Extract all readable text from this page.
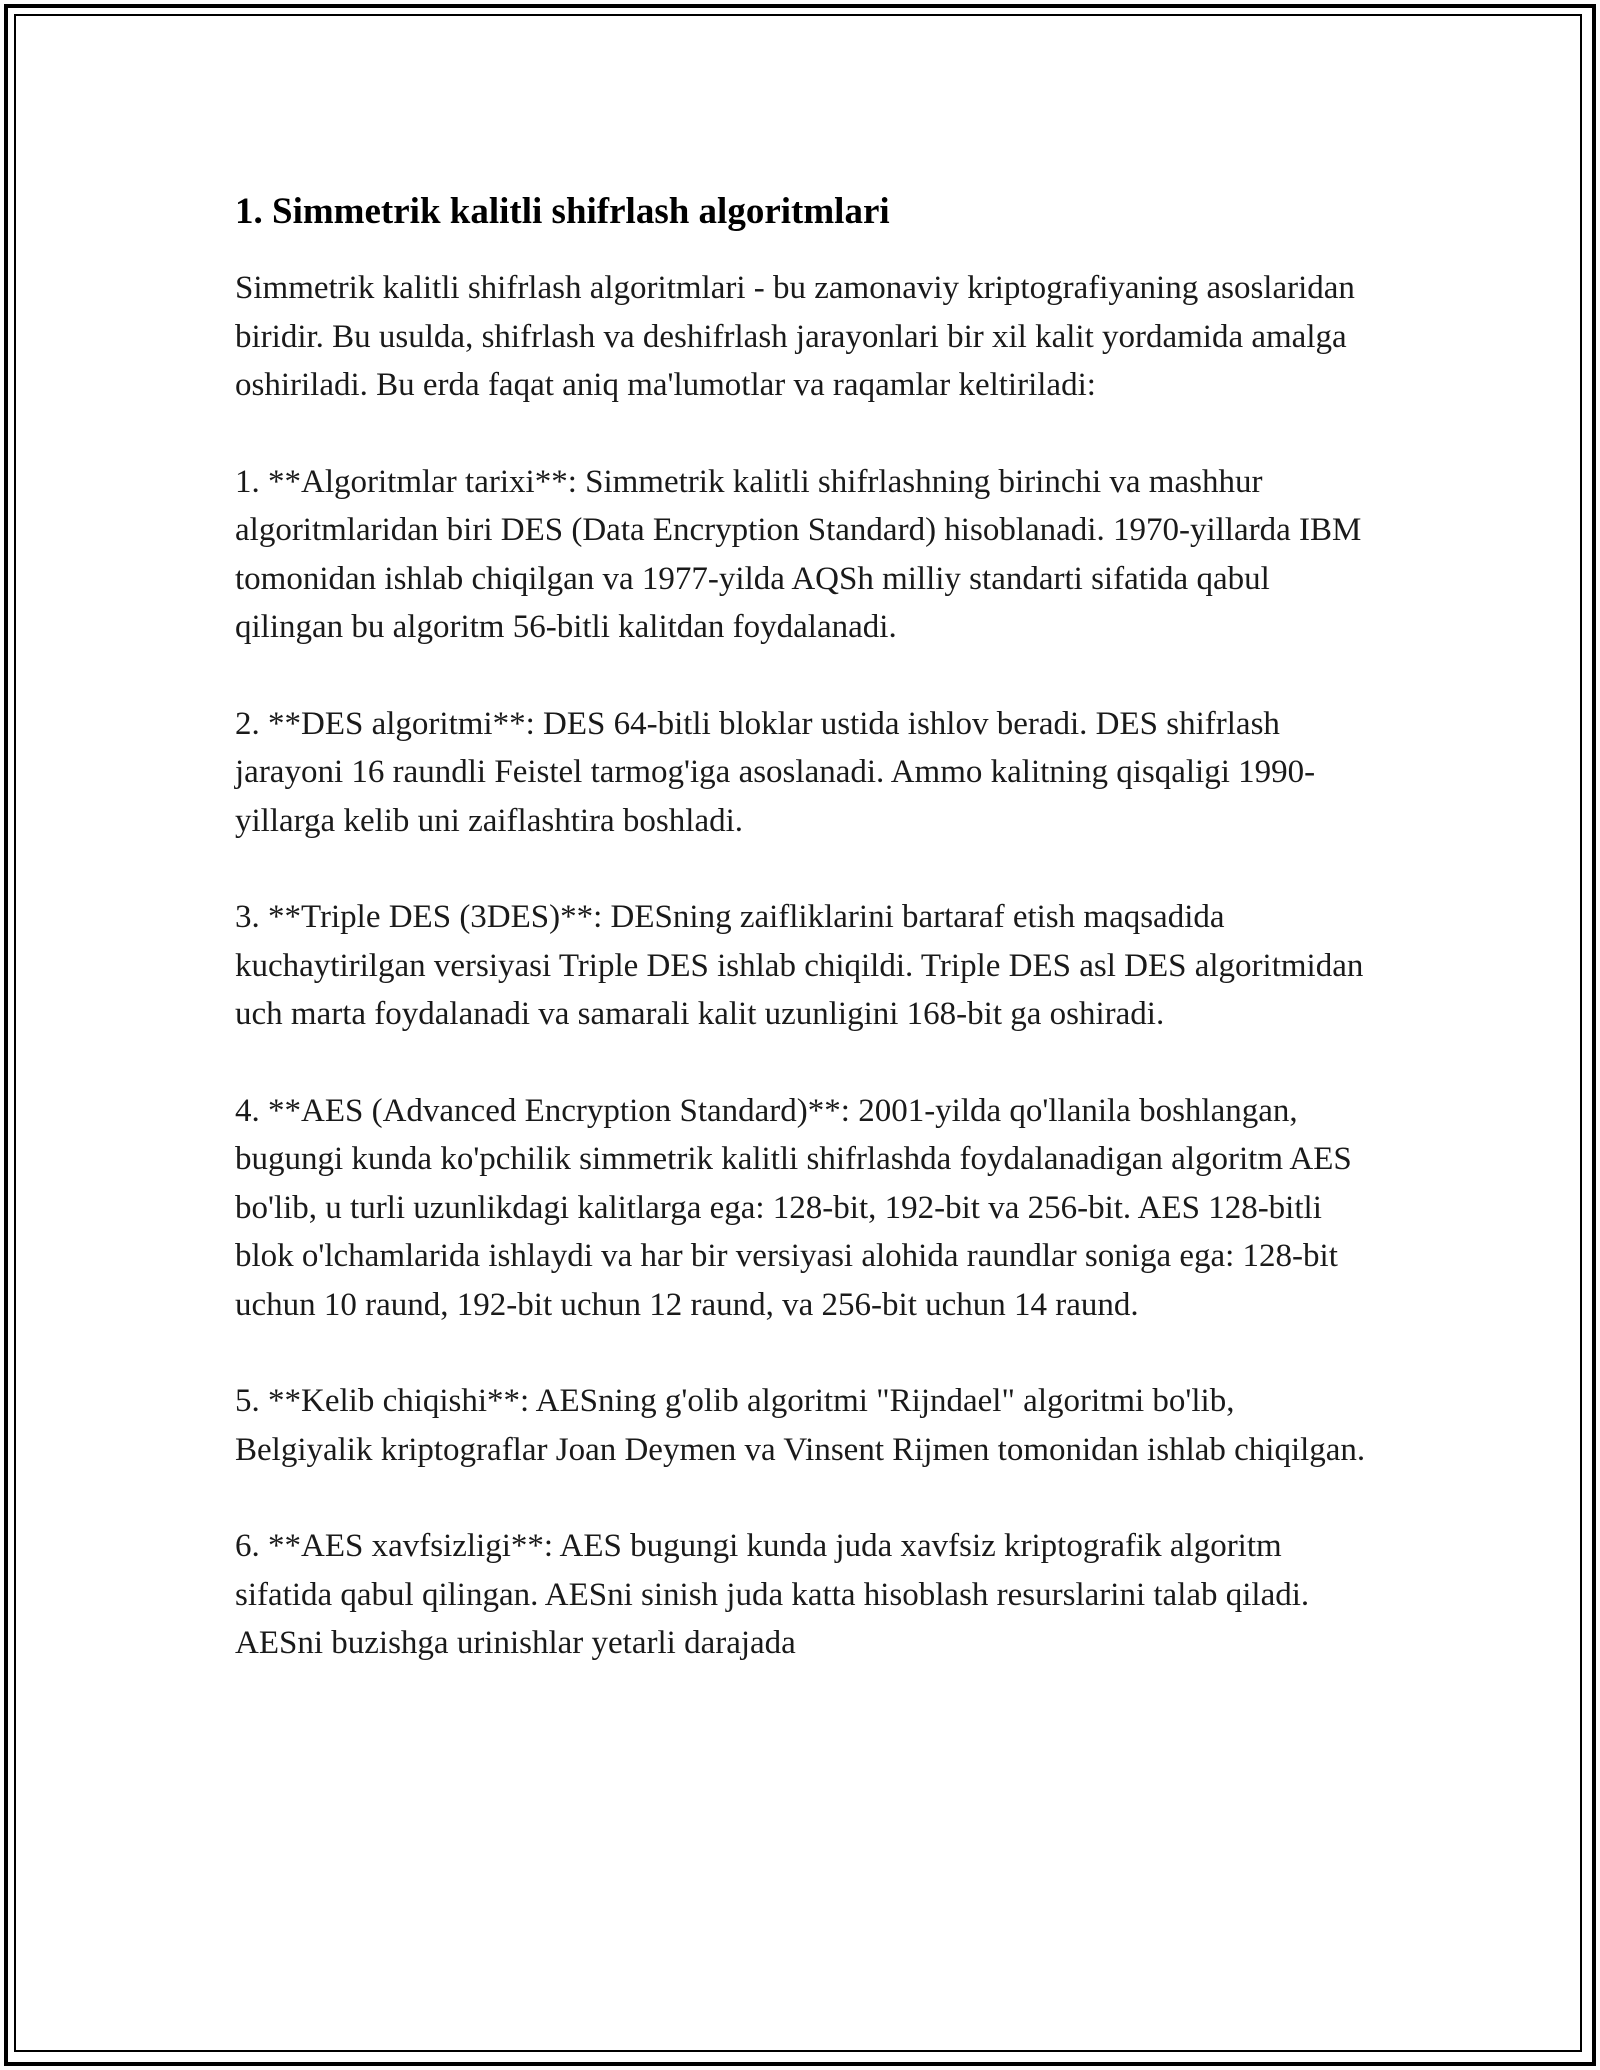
1. Simmetrik kalitli shifrlash algoritmlari

Simmetrik kalitli shifrlash algoritmlari - bu zamonaviy kriptografiyaning asoslaridan biridir. Bu usulda, shifrlash va deshifrlash jarayonlari bir xil kalit yordamida amalga oshiriladi. Bu erda faqat aniq ma'lumotlar va raqamlar keltiriladi:

1. **Algoritmlar tarixi**: Simmetrik kalitli shifrlashning birinchi va mashhur algoritmlaridan biri DES (Data Encryption Standard) hisoblanadi. 1970-yillarda IBM tomonidan ishlab chiqilgan va 1977-yilda AQSh milliy standarti sifatida qabul qilingan bu algoritm 56-bitli kalitdan foydalanadi.

2. **DES algoritmi**: DES 64-bitli bloklar ustida ishlov beradi. DES shifrlash jarayoni 16 raundli Feistel tarmog'iga asoslanadi. Ammo kalitning qisqaligi 1990-yillarga kelib uni zaiflashtira boshladi.

3. **Triple DES (3DES)**: DESning zaifliklarini bartaraf etish maqsadida kuchaytirilgan versiyasi Triple DES ishlab chiqildi. Triple DES asl DES algoritmidan uch marta foydalanadi va samarali kalit uzunligini 168-bit ga oshiradi.

4. **AES (Advanced Encryption Standard)**: 2001-yilda qo'llanila boshlangan, bugungi kunda ko'pchilik simmetrik kalitli shifrlashda foydalanadigan algoritm AES bo'lib, u turli uzunlikdagi kalitlarga ega: 128-bit, 192-bit va 256-bit. AES 128-bitli blok o'lchamlarida ishlaydi va har bir versiyasi alohida raundlar soniga ega: 128-bit uchun 10 raund, 192-bit uchun 12 raund, va 256-bit uchun 14 raund.

5. **Kelib chiqishi**: AESning g'olib algoritmi "Rijndael" algoritmi bo'lib, Belgiyalik kriptograflar Joan Deymen va Vinsent Rijmen tomonidan ishlab chiqilgan.

6. **AES xavfsizligi**: AES bugungi kunda juda xavfsiz kriptografik algoritm sifatida qabul qilingan. AESni sinish juda katta hisoblash resurslarini talab qiladi. AESni buzishga urinishlar yetarli darajada
